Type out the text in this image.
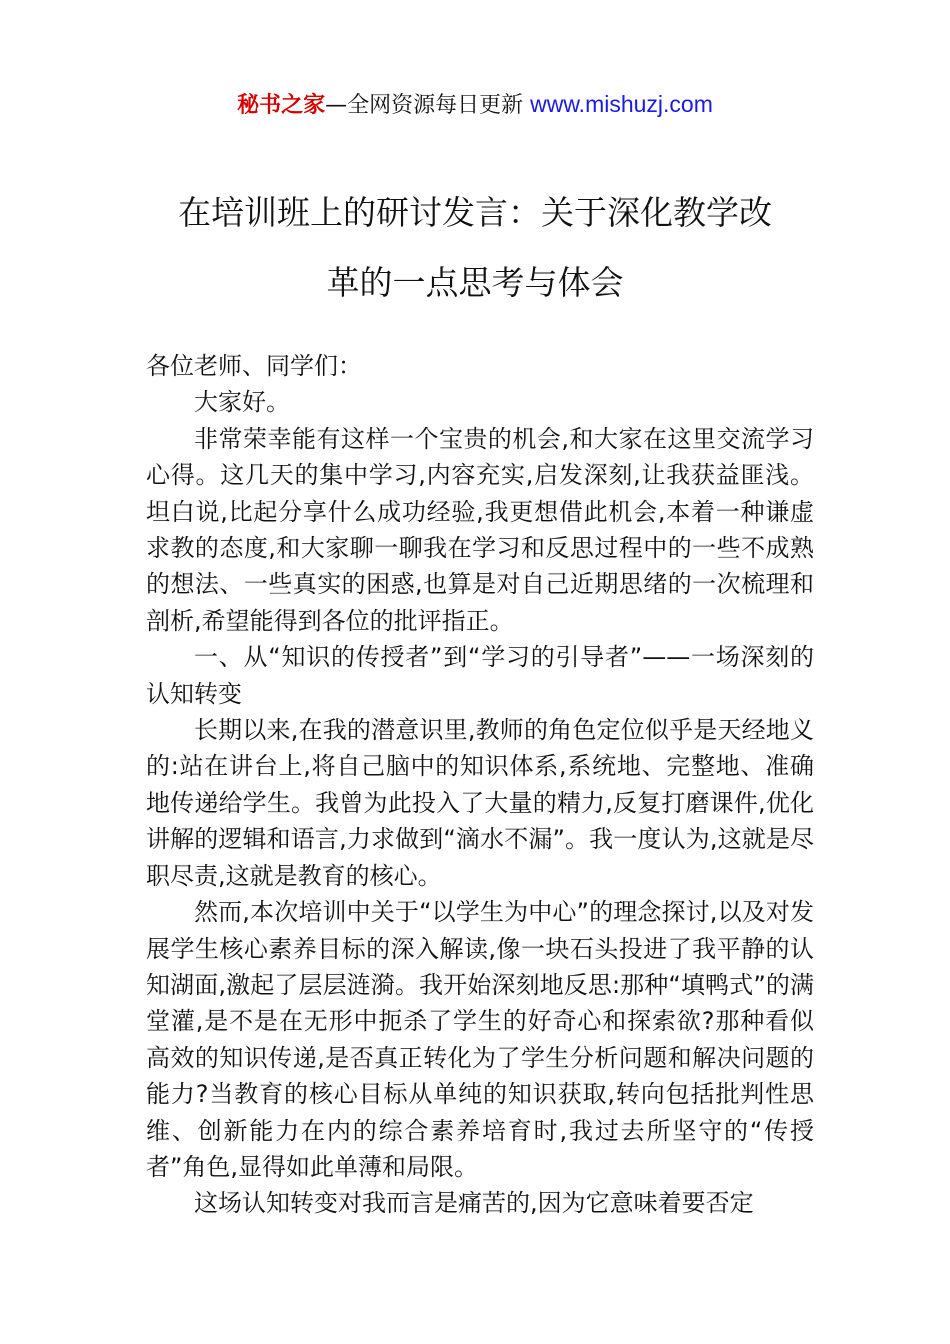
秘书之家—全网资源每日更新 www.mishuzj.com
在培训班上的研讨发言：关于深化教学改
革的一点思考与体会

各位老师、同学们：

大家好。

非常荣幸能有这样一个宝贵的机会,和大家在这里交流学习心得。这几天的集中学习,内容充实,启发深刻,让我获益匪浅。坦白说,比起分享什么成功经验,我更想借此机会,本着一种谦虚求教的态度,和大家聊一聊我在学习和反思过程中的一些不成熟的想法、一些真实的困惑,也算是对自己近期思绪的一次梳理和剖析,希望能得到各位的批评指正。

一、从“知识的传授者”到“学习的引导者”——一场深刻的认知转变

长期以来,在我的潜意识里,教师的角色定位似乎是天经地义的:站在讲台上,将自己脑中的知识体系,系统地、完整地、准确地传递给学生。我曾为此投入了大量的精力,反复打磨课件,优化讲解的逻辑和语言,力求做到“滴水不漏”。我一度认为,这就是尽职尽责,这就是教育的核心。

然而,本次培训中关于“以学生为中心”的理念探讨,以及对发展学生核心素养目标的深入解读,像一块石头投进了我平静的认知湖面,激起了层层涟漪。我开始深刻地反思:那种“填鸭式”的满堂灌,是不是在无形中扼杀了学生的好奇心和探索欲?那种看似高效的知识传递,是否真正转化为了学生分析问题和解决问题的能力?当教育的核心目标从单纯的知识获取,转向包括批判性思维、创新能力在内的综合素养培育时,我过去所坚守的“传授者”角色,显得如此单薄和局限。

这场认知转变对我而言是痛苦的,因为它意味着要否定
